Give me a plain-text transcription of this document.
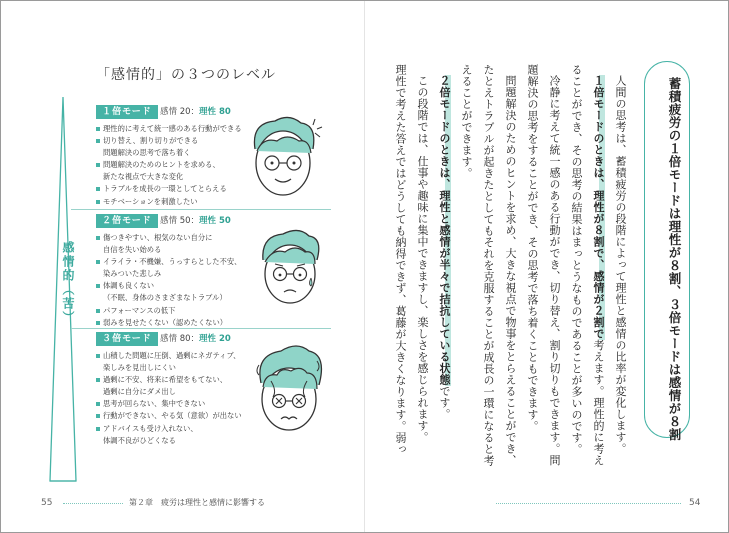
「感情的」の３つのレベル
感情的（苦）
１倍モード 感情 20：理性 80
理性的に考えて統一感のある行動ができる
切り替え、割り切りができる
問題解決の思考で落ち着く
問題解決のためのヒントを求める、
新たな視点で大きな変化
トラブルを成長の一環としてとらえる
モチベーションを刺激したい
２倍モード 感情 50：理性 50
傷つきやすい、根気のない自分に
自信を失い始める
イライラ・不機嫌、うっすらとした不安、
染みついた悲しみ
体調も良くない
（不眠、身体のさまざまなトラブル）
パフォーマンスの低下
弱みを見せたくない（認めたくない）
３倍モード 感情 80：理性 20
山積した問題に圧倒、過剰にネガティブ、
楽しみを見出しにくい
過剰に不安、将来に希望をもてない、
過剰に自分にダメ出し
思考が回らない、集中できない
行動ができない、やる気（意欲）が出ない
アドバイスも受け入れない、
体調不良がひどくなる
55	第２章　疲労は理性と感情に影響する
蓄積疲労の１倍モードは理性が８割、３倍モードは感情が８割
人間の思考は、蓄積疲労の段階によって理性と感情の比率が変化します。
１倍モードのときは、理性が８割で、感情が２割で考えます。理性的に考え
ることができ、その思考の結果はまっとうなものであることが多いのです。
冷静に考えて統一感のある行動ができ、切り替え、割り切りもできます。問
題解決の思考をすることができ、その思考で落ち着くこともできます。
問題解決のためのヒントを求め、大きな視点で物事をとらえることができ、
たとえトラブルが起きたとしてもそれを克服することが成長の一環になると考
えることができます。
２倍モードのときは、理性と感情が半々で拮抗している状態です。
この段階では、仕事や趣味に集中できますし、楽しさを感じられます。
理性で考えた答えではどうしても納得できず、葛藤が大きくなります。弱っ
54
